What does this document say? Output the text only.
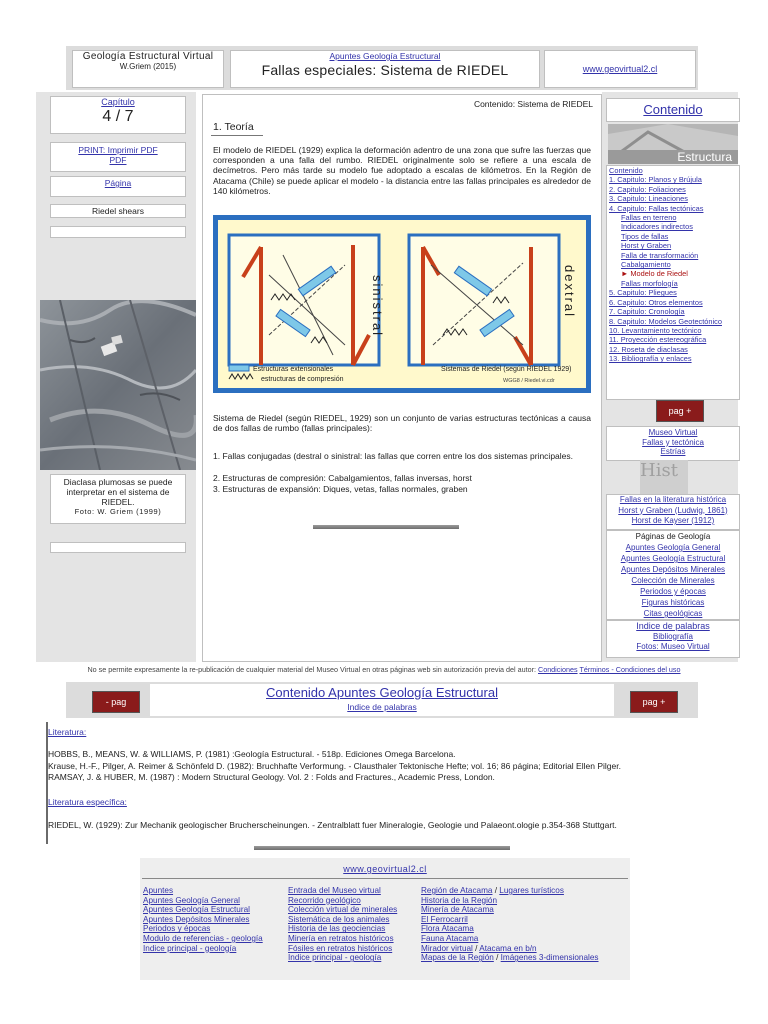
Geología Estructural Virtual
W.Griem (2015)
Apuntes Geología Estructural
Fallas especiales: Sistema de RIEDEL	www.geovirtual2.cl
Capítulo
4 / 7
PRINT: Imprimir PDF
PDF
Página
Riedel shears
Diaclasa plumosas se puede interpretar en el sistema de RIEDEL.
Foto: W. Griem (1999)
Contenido: Sistema de RIEDEL
1. Teoría
El modelo de RIEDEL (1929) explica la deformación adentro de una zona que sufre las fuerzas que corresponden a una falla del rumbo. RIEDEL originalmente solo se refiere a una escala de decímetros. Pero más tarde su modelo fue adoptado a escalas de kilómetros. En la Región de Atacama (Chile) se puede aplicar el modelo - la distancia entre las fallas principales es alrededor de 140 kilómetros.
sinistral	dextral
Estructuras extensionales
estructuras de compresión
Sistemas de Riedel (según RIEDEL 1929)
WGG8 / Riedel.vi.cdr
Sistema de Riedel (según RIEDEL, 1929) son un conjunto de varias estructuras tectónicas a causa de dos fallas de rumbo (fallas principales):
1. Fallas conjugadas (destral o sinistral: las fallas que corren entre los dos sistemas principales.
2. Estructuras de compresión: Cabalgamientos, fallas inversas, horst
3. Estructuras de expansión: Diques, vetas, fallas normales, graben
Contenido
Estructura
Contenido
1. Capitulo: Planos y Brújula
2. Capitulo: Foliaciones
3. Capitulo: Lineaciones
4. Capitulo: Fallas tectónicas
Fallas en terreno
Indicadores indirectos
Tipos de fallas
Horst y Graben
Falla de transformación
Cabalgamiento
► Modelo de Riedel
Fallas morfología
5. Capitulo: Pliegues
6. Capitulo: Otros elementos
7. Capitulo: Cronología
8. Capitulo: Modelos Geotectónico
10. Levantamiento tectónico
11. Proyección estereográfica
12. Roseta de diaclasas
13. Bibliografía y enlaces
pag +
Museo Virtual
Fallas y tectónica
Estrías
Hist
Fallas en la literatura histórica
Horst y Graben (Ludwig, 1861)
Horst de Kayser (1912)
Páginas de Geología
Apuntes Geología General
Apuntes Geología Estructural
Apuntes Depósitos Minerales
Colección de Minerales
Periodos y épocas
Figuras históricas
Citas geológicas
Indice de palabras
Bibliografía
Fotos: Museo Virtual
No se permite expresamente la re-publicación de cualquier material del Museo Virtual en otras páginas web sin autorización previa del autor: Condiciones Términos - Condiciones del uso
- pag
Contenido Apuntes Geología Estructural
Indice de palabras	pag +
Literatura:
HOBBS, B., MEANS, W. & WILLIAMS, P. (1981) :Geología Estructural. - 518p. Ediciones Omega Barcelona.
Krause, H.-F., Pilger, A. Reimer & Schönfeld D. (1982): Bruchhafte Verformung. - Clausthaler Tektonische Hefte; vol. 16; 86 página; Editorial Ellen Pilger.
RAMSAY, J. & HUBER, M. (1987) : Modern Structural Geology. Vol. 2 : Folds and Fractures., Academic Press, London.
Literatura específica:
RIEDEL, W. (1929): Zur Mechanik geologischer Brucherscheinungen. - Zentralblatt fuer Mineralogie, Geologie und Palaeont.ologie p.354-368 Stuttgart.
www.geovirtual2.cl
Apuntes
Apuntes Geología General
Apuntes Geología Estructural
Apuntes Depósitos Minerales
Periodos y épocas
Modulo de referencias - geología
Indice principal - geología
Entrada del Museo virtual
Recorrido geológico
Colección virtual de minerales
Sistemática de los animales
Historia de las geociencias
Minería en retratos históricos
Fósiles en retratos históricos
Indice principal - geología
Región de Atacama / Lugares turísticos
Historia de la Región
Minería de Atacama
El Ferrocarril
Flora Atacama
Fauna Atacama
Mirador virtual / Atacama en b/n
Mapas de la Región / Imágenes 3-dimensionales
